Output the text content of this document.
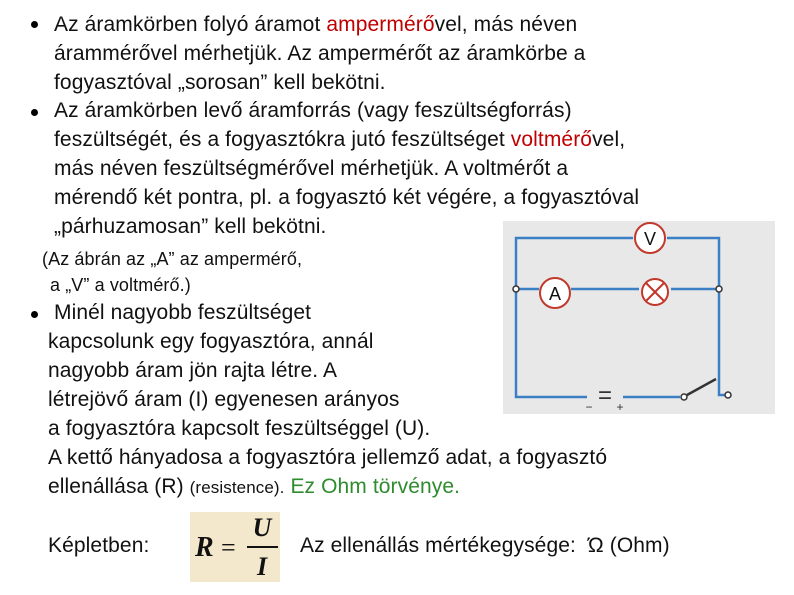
Az áramkörben folyó áramot ampermérővel, más néven
árammérővel mérhetjük. Az ampermérőt az áramkörbe a
fogyasztóval „sorosan” kell bekötni.
Az áramkörben levő áramforrás (vagy feszültségforrás)
feszültségét, és a fogyasztókra jutó feszültséget voltmérővel,
más néven feszültségmérővel mérhetjük. A voltmérőt a
mérendő két pontra, pl. a fogyasztó két végére, a fogyasztóval
„párhuzamosan” kell bekötni.
(Az ábrán az „A” az ampermérő,
a „V” a voltmérő.)
V
A
=
− +
Minél nagyobb feszültséget
kapcsolunk egy fogyasztóra, annál
nagyobb áram jön rajta létre. A
létrejövő áram (I) egyenesen arányos
a fogyasztóra kapcsolt feszültséggel (U).
A kettő hányadosa a fogyasztóra jellemző adat, a fogyasztó
ellenállása (R) (resistence). Ez Ohm törvénye.
Képletben: R =
U
I
Az ellenállás mértékegysége: Ώ (Ohm)
